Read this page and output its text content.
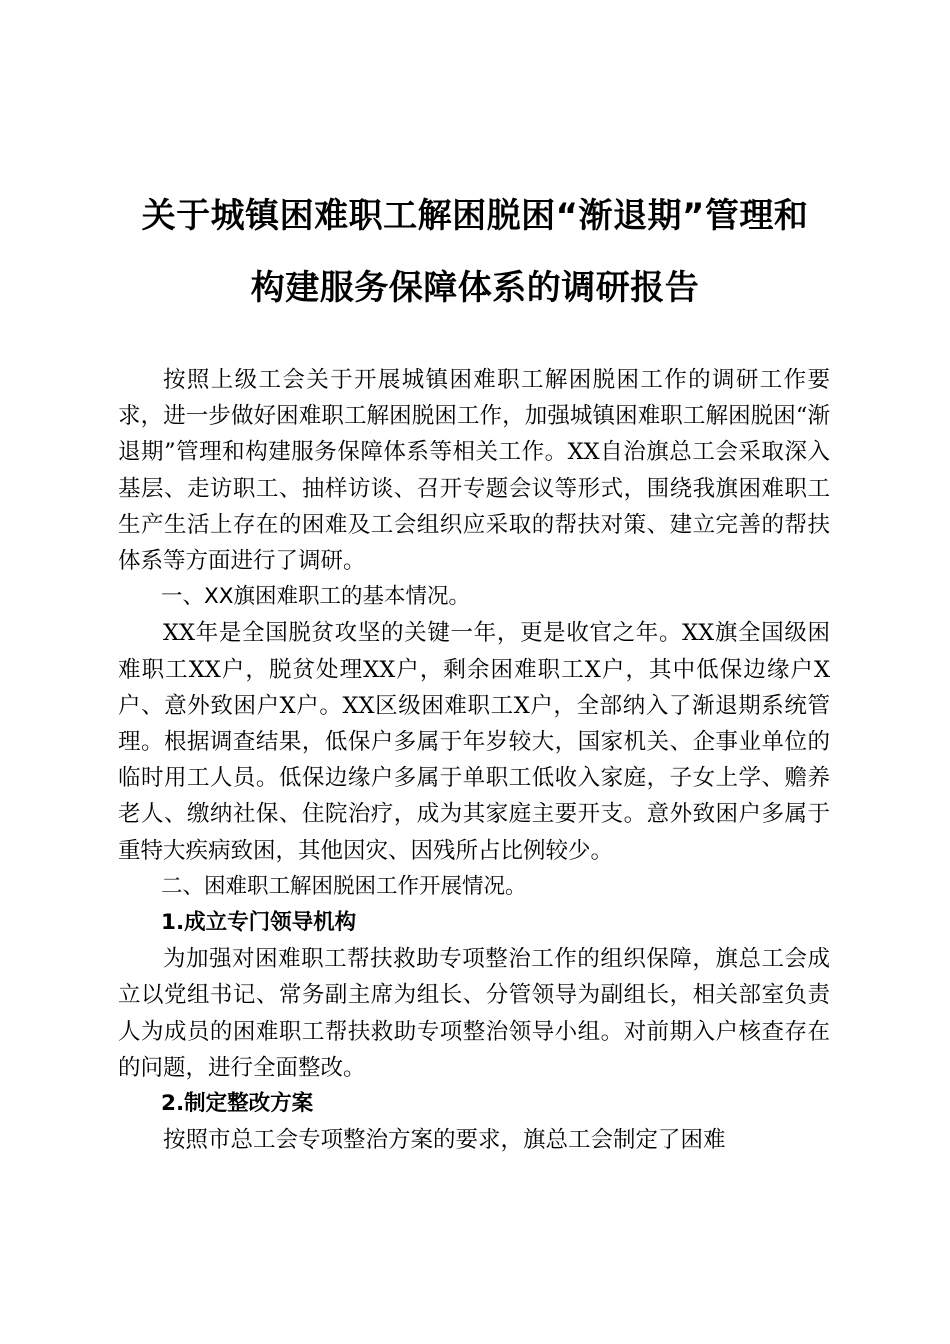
关于城镇困难职工解困脱困“渐退期”管理和
构建服务保障体系的调研报告

按照上级工会关于开展城镇困难职工解困脱困工作的调研工作要求，进一步做好困难职工解困脱困工作，加强城镇困难职工解困脱困“渐退期”管理和构建服务保障体系等相关工作。XX自治旗总工会采取深入基层、走访职工、抽样访谈、召开专题会议等形式，围绕我旗困难职工生产生活上存在的困难及工会组织应采取的帮扶对策、建立完善的帮扶体系等方面进行了调研。

一、XX旗困难职工的基本情况。

XX年是全国脱贫攻坚的关键一年，更是收官之年。XX旗全国级困难职工XX户，脱贫处理XX户，剩余困难职工X户，其中低保边缘户X户、意外致困户X户。XX区级困难职工X户，全部纳入了渐退期系统管理。根据调查结果，低保户多属于年岁较大，国家机关、企事业单位的临时用工人员。低保边缘户多属于单职工低收入家庭，子女上学、赡养老人、缴纳社保、住院治疗，成为其家庭主要开支。意外致困户多属于重特大疾病致困，其他因灾、因残所占比例较少。

二、困难职工解困脱困工作开展情况。

1.成立专门领导机构

为加强对困难职工帮扶救助专项整治工作的组织保障，旗总工会成立以党组书记、常务副主席为组长、分管领导为副组长，相关部室负责人为成员的困难职工帮扶救助专项整治领导小组。对前期入户核查存在的问题，进行全面整改。

2.制定整改方案

按照市总工会专项整治方案的要求，旗总工会制定了困难
